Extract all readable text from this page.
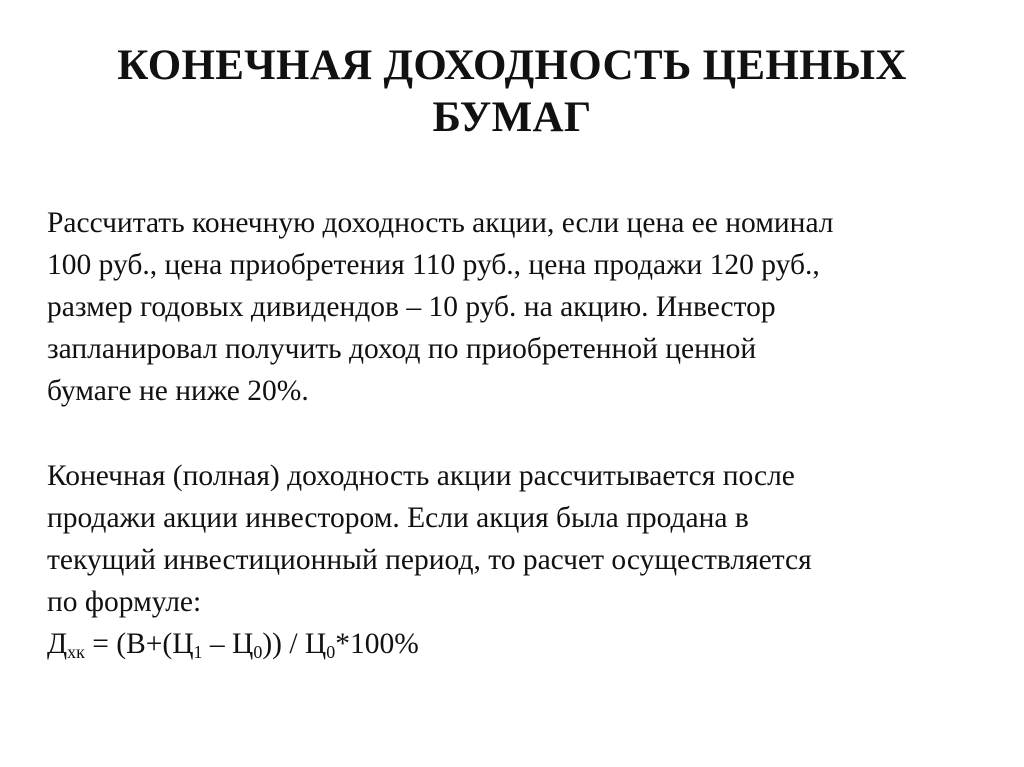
КОНЕЧНАЯ ДОХОДНОСТЬ ЦЕННЫХ
БУМАГ
Рассчитать конечную доходность акции, если цена ее номинал
100 руб., цена приобретения 110 руб., цена продажи 120 руб.,
размер годовых дивидендов – 10 руб. на акцию. Инвестор
запланировал получить доход по приобретенной ценной
бумаге не ниже 20%.
Конечная (полная) доходность акции рассчитывается после
продажи акции инвестором. Если акция была продана в
текущий инвестиционный период, то расчет осуществляется
по формуле:
$Д_{хк} = (В+(Ц_1 - Ц_0)) / Ц_0*100\%$
